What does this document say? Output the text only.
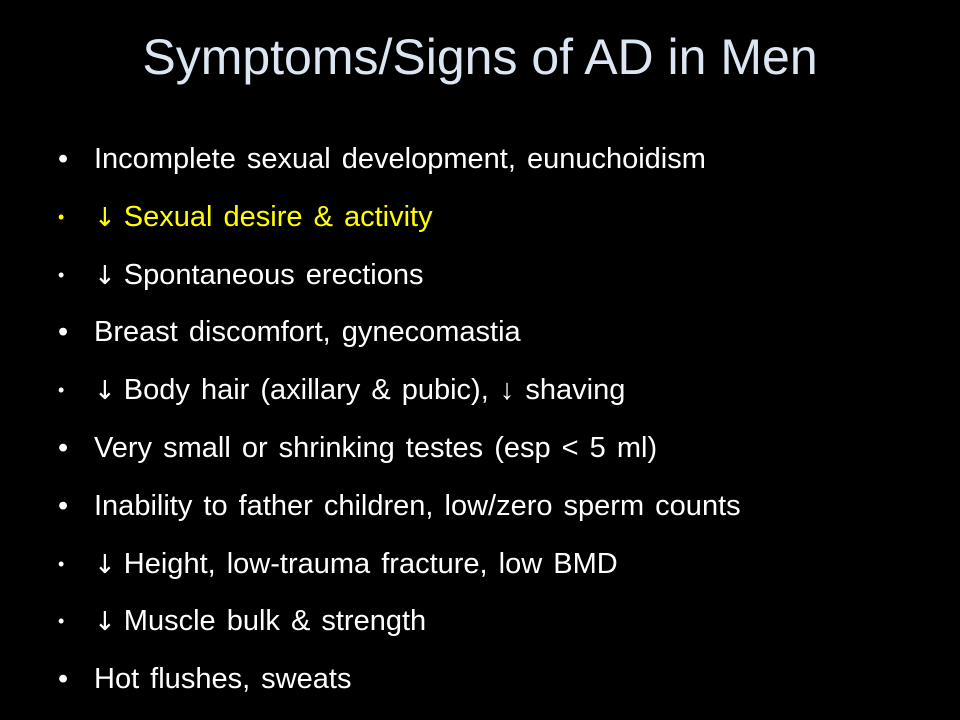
Symptoms/Signs of AD in Men
• Incomplete sexual development, eunuchoidism
• ↓ Sexual desire & activity
• ↓ Spontaneous erections
• Breast discomfort, gynecomastia
• ↓ Body hair (axillary & pubic), ↓ shaving
• Very small or shrinking testes (esp < 5 ml)
• Inability to father children, low/zero sperm counts
• ↓ Height, low-trauma fracture, low BMD
• ↓ Muscle bulk & strength
• Hot flushes, sweats
